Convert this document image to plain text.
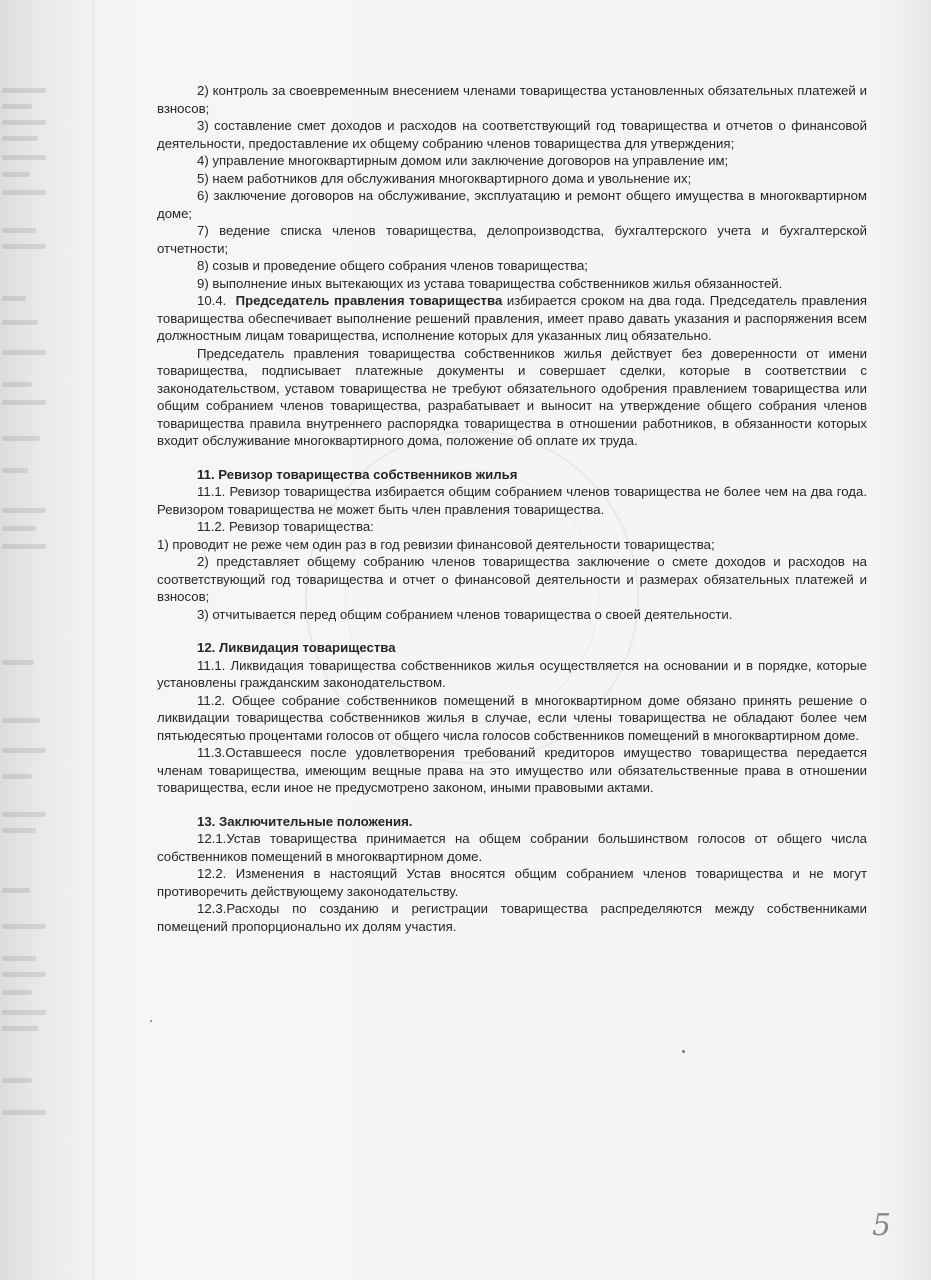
2) контроль за своевременным внесением членами товарищества установленных обязательных платежей и взносов;

3) составление смет доходов и расходов на соответствующий год товарищества и отчетов о финансовой деятельности, предоставление их общему собранию членов товарищества для утверждения;

4) управление многоквартирным домом или заключение договоров на управление им;

5) наем работников для обслуживания многоквартирного дома и увольнение их;

6) заключение договоров на обслуживание, эксплуатацию и ремонт общего имущества в многоквартирном доме;

7) ведение списка членов товарищества, делопроизводства, бухгалтерского учета и бухгалтерской отчетности;

8) созыв и проведение общего собрания членов товарищества;

9) выполнение иных вытекающих из устава товарищества собственников жилья обязанностей.

10.4. Председатель правления товарищества избирается сроком на два года. Председатель правления товарищества обеспечивает выполнение решений правления, имеет право давать указания и распоряжения всем должностным лицам товарищества, исполнение которых для указанных лиц обязательно.

Председатель правления товарищества собственников жилья действует без доверенности от имени товарищества, подписывает платежные документы и совершает сделки, которые в соответствии с законодательством, уставом товарищества не требуют обязательного одобрения правлением товарищества или общим собранием членов товарищества, разрабатывает и выносит на утверждение общего собрания членов товарищества правила внутреннего распорядка товарищества в отношении работников, в обязанности которых входит обслуживание многоквартирного дома, положение об оплате их труда.

11. Ревизор товарищества собственников жилья

11.1. Ревизор товарищества избирается общим собранием членов товарищества не более чем на два года. Ревизором товарищества не может быть член правления товарищества.

11.2. Ревизор товарищества:

1) проводит не реже чем один раз в год ревизии финансовой деятельности товарищества;

2) представляет общему собранию членов товарищества заключение о смете доходов и расходов на соответствующий год товарищества и отчет о финансовой деятельности и размерах обязательных платежей и взносов;

3) отчитывается перед общим собранием членов товарищества о своей деятельности.

12. Ликвидация товарищества

11.1. Ликвидация товарищества собственников жилья осуществляется на основании и в порядке, которые установлены гражданским законодательством.

11.2. Общее собрание собственников помещений в многоквартирном доме обязано принять решение о ликвидации товарищества собственников жилья в случае, если члены товарищества не обладают более чем пятьюдесятью процентами голосов от общего числа голосов собственников помещений в многоквартирном доме.

11.3.Оставшееся после удовлетворения требований кредиторов имущество товарищества передается членам товарищества, имеющим вещные права на это имущество или обязательственные права в отношении товарищества, если иное не предусмотрено законом, иными правовыми актами.

13. Заключительные положения.

12.1.Устав товарищества принимается на общем собрании большинством голосов от общего числа собственников помещений в многоквартирном доме.

12.2. Изменения в настоящий Устав вносятся общим собранием членов товарищества и не могут противоречить действующему законодательству.

12.3.Расходы по созданию и регистрации товарищества распределяются между собственниками помещений пропорционально их долям участия.

5
